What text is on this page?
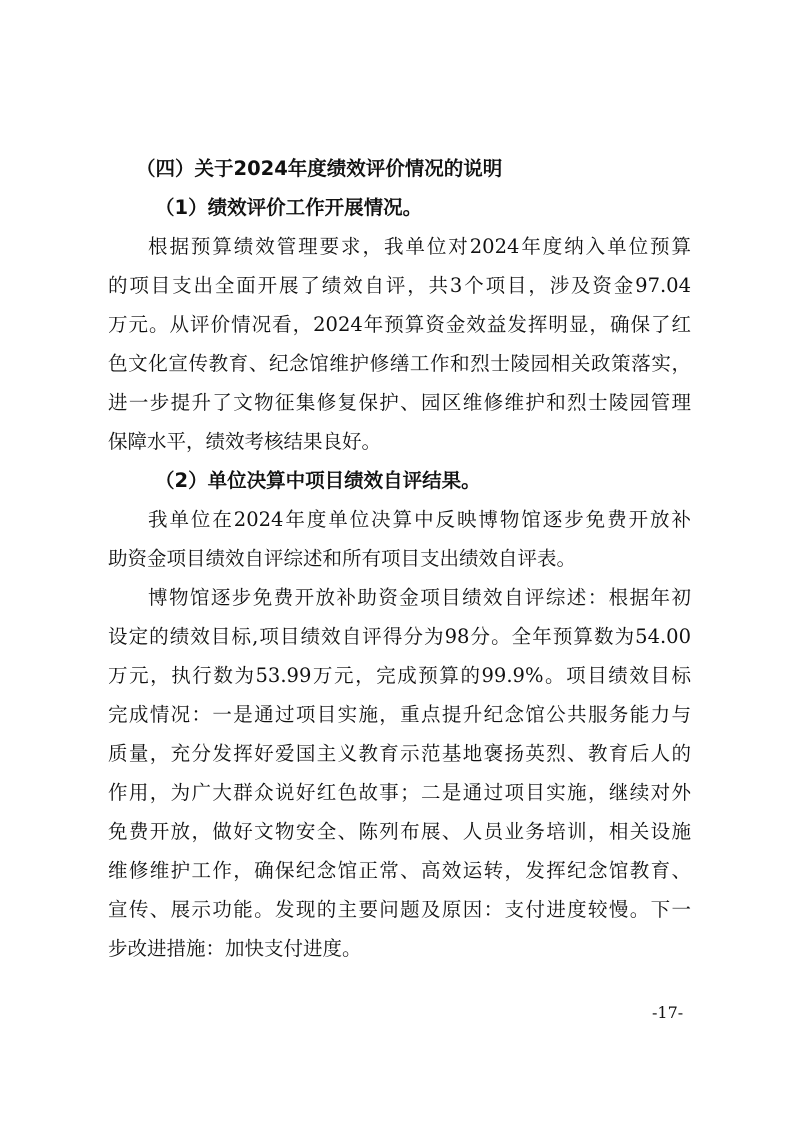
（四）关于2024年度绩效评价情况的说明
（1）绩效评价工作开展情况。
根据预算绩效管理要求，我单位对2024年度纳入单位预算
的项目支出全面开展了绩效自评，共3个项目，涉及资金97.04
万元。从评价情况看，2024年预算资金效益发挥明显，确保了红
色文化宣传教育、纪念馆维护修缮工作和烈士陵园相关政策落实，
进一步提升了文物征集修复保护、园区维修维护和烈士陵园管理
保障水平，绩效考核结果良好。
（2）单位决算中项目绩效自评结果。
我单位在2024年度单位决算中反映博物馆逐步免费开放补
助资金项目绩效自评综述和所有项目支出绩效自评表。
博物馆逐步免费开放补助资金项目绩效自评综述：根据年初
设定的绩效目标,项目绩效自评得分为98分。全年预算数为54.00
万元，执行数为53.99万元，完成预算的99.9%。项目绩效目标
完成情况：一是通过项目实施，重点提升纪念馆公共服务能力与
质量，充分发挥好爱国主义教育示范基地褒扬英烈、教育后人的
作用，为广大群众说好红色故事；二是通过项目实施，继续对外
免费开放，做好文物安全、陈列布展、人员业务培训，相关设施
维修维护工作，确保纪念馆正常、高效运转，发挥纪念馆教育、
宣传、展示功能。发现的主要问题及原因：支付进度较慢。下一
步改进措施：加快支付进度。
-17-
